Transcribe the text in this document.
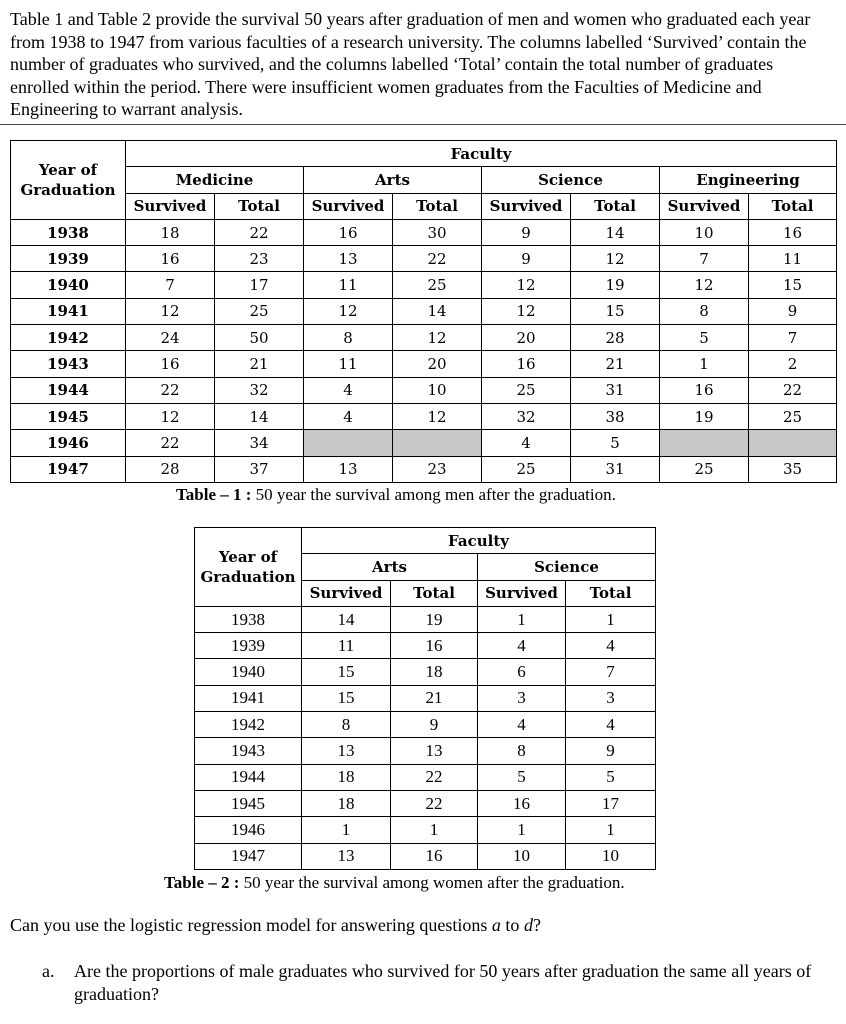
Table 1 and Table 2 provide the survival 50 years after graduation of men and women who graduated each year from 1938 to 1947 from various faculties of a research university. The columns labelled ‘Survived’ contain the number of graduates who survived, and the columns labelled ‘Total’ contain the total number of graduates enrolled within the period. There were insufficient women graduates from the Faculties of Medicine and Engineering to warrant analysis.

Year of Graduation	Faculty							
	Medicine		Arts		Science		Engineering	
	Survived	Total	Survived	Total	Survived	Total	Survived	Total
1938	18	22	16	30	9	14	10	16
1939	16	23	13	22	9	12	7	11
1940	7	17	11	25	12	19	12	15
1941	12	25	12	14	12	15	8	9
1942	24	50	8	12	20	28	5	7
1943	16	21	11	20	16	21	1	2
1944	22	32	4	10	25	31	16	22
1945	12	14	4	12	32	38	19	25
1946	22	34			4	5		
1947	28	37	13	23	25	31	25	35
Table – 1 : 50 year the survival among men after the graduation.
Year of Graduation	Faculty			
	Arts		Science	
	Survived	Total	Survived	Total
1938	14	19	1	1
1939	11	16	4	4
1940	15	18	6	7
1941	15	21	3	3
1942	8	9	4	4
1943	13	13	8	9
1944	18	22	5	5
1945	18	22	16	17
1946	1	1	1	1
1947	13	16	10	10
Table – 2 : 50 year the survival among women after the graduation.
Can you use the logistic regression model for answering questions a to d?
a. Are the proportions of male graduates who survived for 50 years after graduation the same all years of graduation?
